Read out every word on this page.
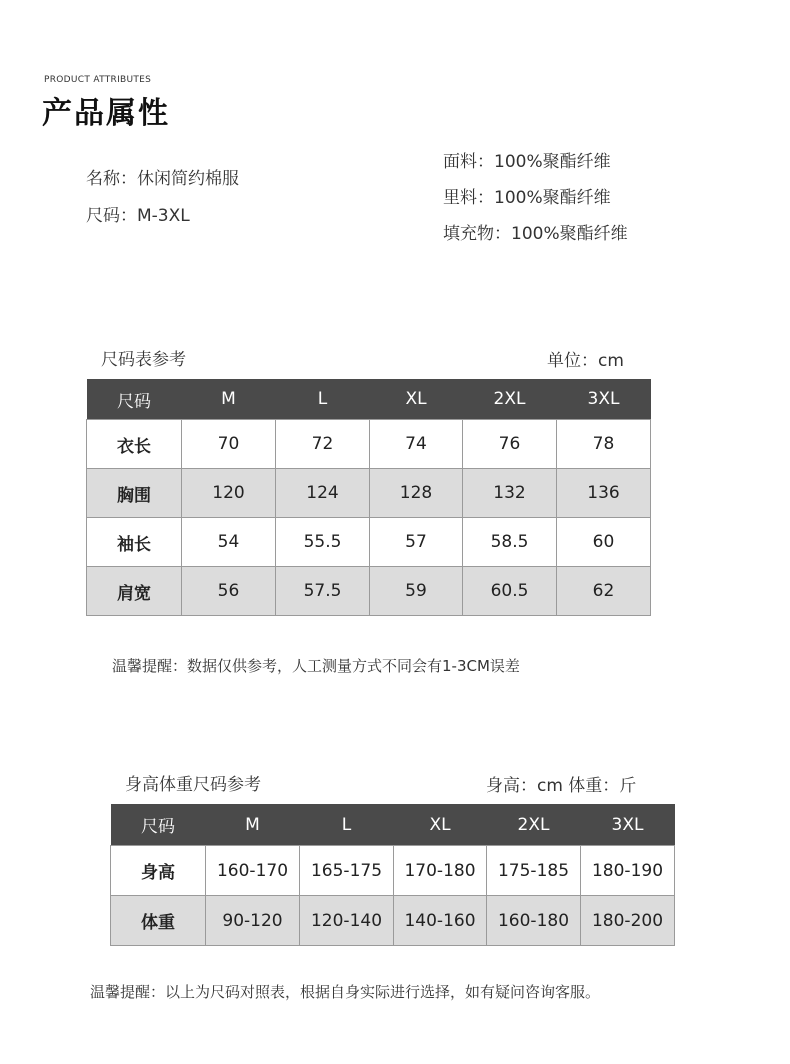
PRODUCT ATTRIBUTES
产品属性
名称：休闲简约棉服
尺码：M-3XL
面料：100%聚酯纤维
里料：100%聚酯纤维
填充物：100%聚酯纤维
尺码表参考	单位：cm
尺码	M	L	XL	2XL	3XL
衣长	70	72	74	76	78
胸围	120	124	128	132	136
袖长	54	55.5	57	58.5	60
肩宽	56	57.5	59	60.5	62
温馨提醒：数据仅供参考，人工测量方式不同会有1-3CM误差
身高体重尺码参考	身高：cm 体重：斤
尺码	M	L	XL	2XL	3XL
身高	160-170	165-175	170-180	175-185	180-190
体重	90-120	120-140	140-160	160-180	180-200
温馨提醒：以上为尺码对照表，根据自身实际进行选择，如有疑问咨询客服。
